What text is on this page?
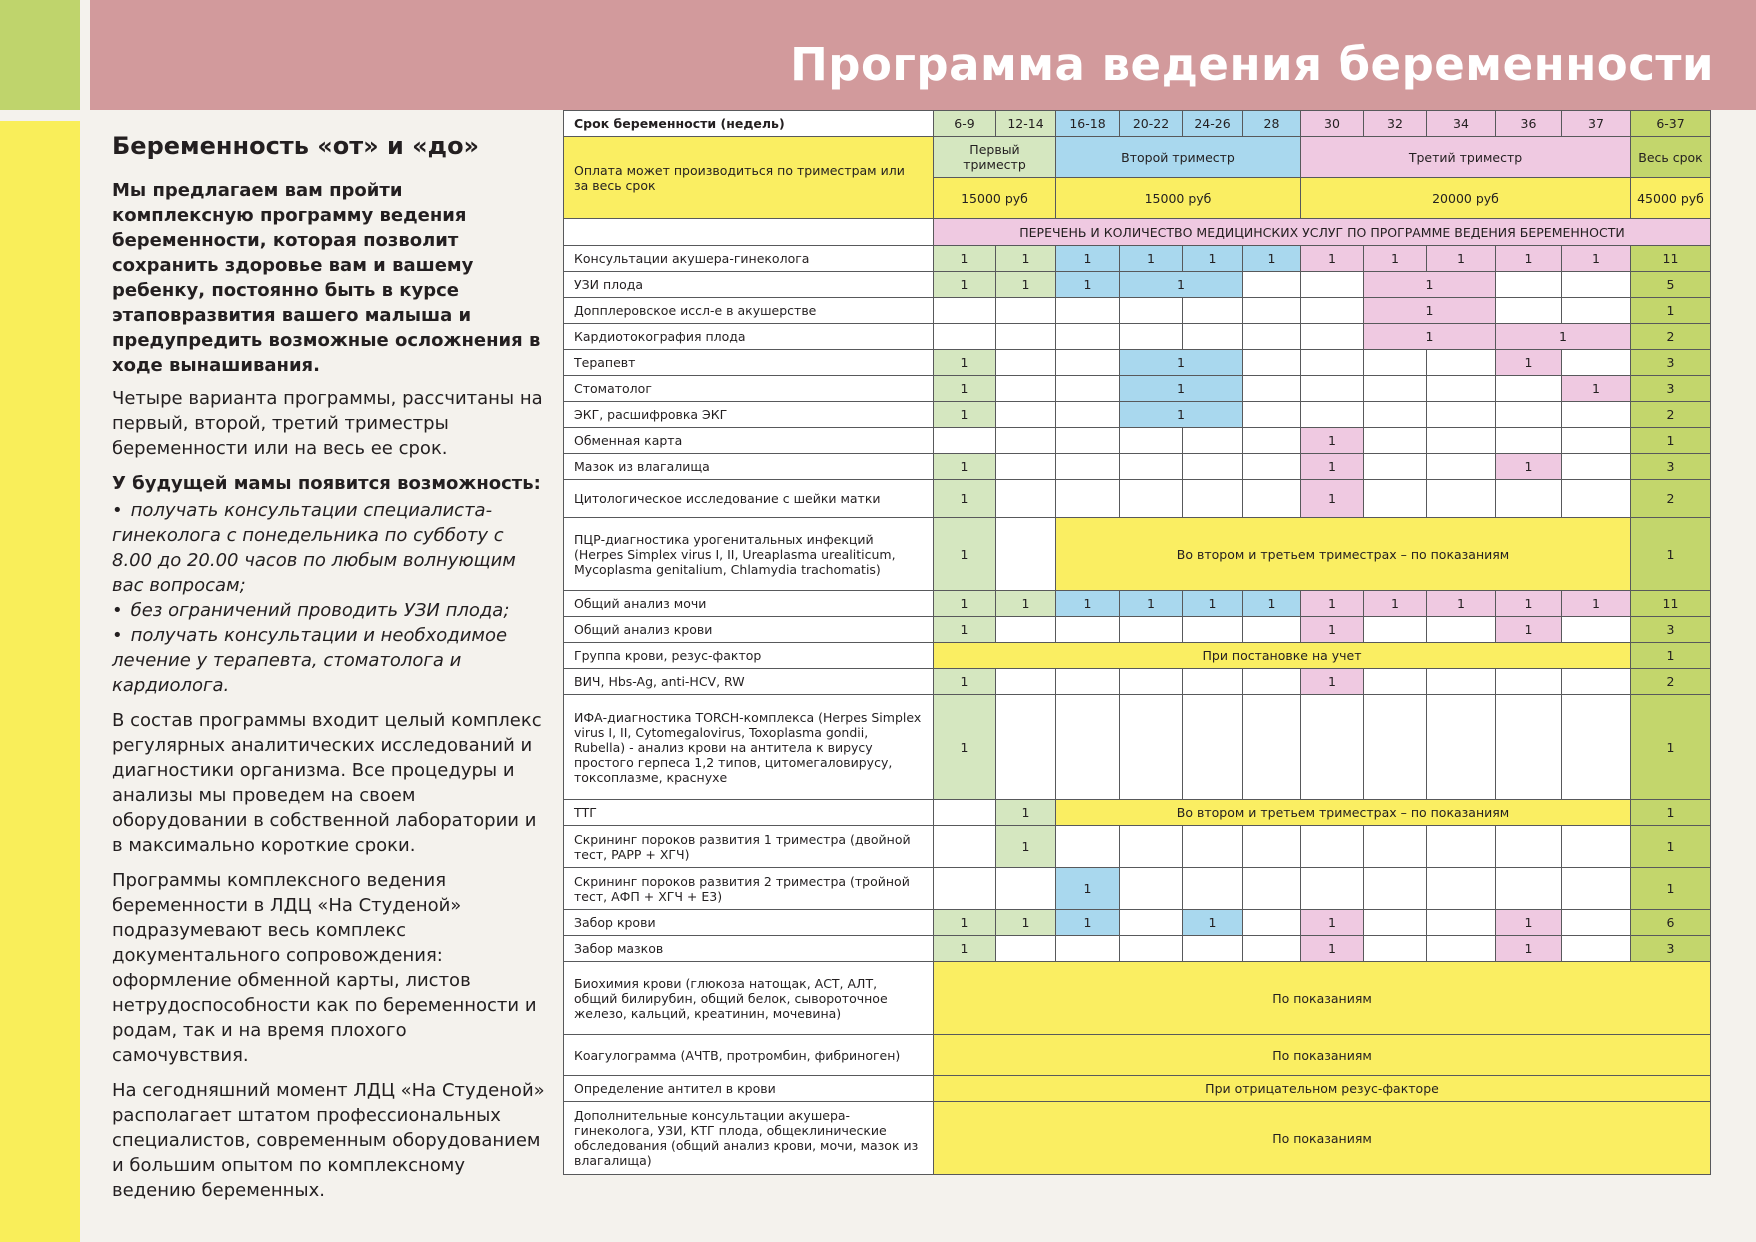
Программа ведения беременности
Беременность «от» и «до»

Мы предлагаем вам пройти комплексную программу ведения беременности, которая позволит сохранить здоровье вам и вашему ребенку, постоянно быть в курсе этаповразвития вашего малыша и предупредить возможные осложнения в ходе вынашивания.

Четыре варианта программы, рассчитаны на первый, второй, третий триместры беременности или на весь ее срок.

У будущей мамы появится возможность:

• получать консультации специалиста-гинеколога с понедельника по субботу с 8.00 до 20.00 часов по любым волнующим вас вопросам;
• без ограничений проводить УЗИ плода;
• получать консультации и необходимое лечение у терапевта, стоматолога и кардиолога.

В состав программы входит целый комплекс регулярных аналитических исследований и диагностики организма. Все процедуры и анализы мы проведем на своем оборудовании в собственной лаборатории и в максимально короткие сроки.

Программы комплексного ведения беременности в ЛДЦ «На Студеной» подразумевают весь комплекс документального сопровождения: оформление обменной карты, листов нетрудоспособности как по беременности и родам, так и на время плохого самочувствия.

На сегодняшний момент ЛДЦ «На Студеной» располагает штатом профессиональных специалистов, современным оборудованием и большим опытом по комплексному ведению беременных.

Срок беременности (недель)	6-9	12-14	16-18	20-22	24-26	28	30	32	34	36	37	6-37
Оплата может производиться по триместрам или за весь срок	Первый триместр		Второй триместр				Третий триместр					Весь срок
	15000 руб		15000 руб				20000 руб					45000 руб
	ПЕРЕЧЕНЬ И КОЛИЧЕСТВО МЕДИЦИНСКИХ УСЛУГ ПО ПРОГРАММЕ ВЕДЕНИЯ БЕРЕМЕННОСТИ											
Консультации акушера-гинеколога	1	1	1	1	1	1	1	1	1	1	1	11
УЗИ плода	1	1	1	1				1				5
Допплеровское иссл-е в акушерстве								1				1
Кардиотокография плода								1		1		2
Терапевт	1			1						1		3
Стоматолог	1			1							1	3
ЭКГ, расшифровка ЭКГ	1			1								2
Обменная карта							1					1
Мазок из влагалища	1						1			1		3
Цитологическое исследование с шейки матки	1						1					2
ПЦР-диагностика урогенитальных инфекций (Herpes Simplex virus I, II, Ureaplasma urealiticum, Mycoplasma genitalium, Chlamydia trachomatis)	1		Во втором и третьем триместрах – по показаниям									1
Общий анализ мочи	1	1	1	1	1	1	1	1	1	1	1	11
Общий анализ крови	1						1			1		3
Группа крови, резус-фактор	При постановке на учет											1
ВИЧ, Hbs-Ag, anti-HCV, RW	1						1					2
ИФА-диагностика TORCH-комплекса (Herpes Simplex virus I, II, Cytomegalovirus, Toxoplasma gondii, Rubella) - анализ крови на антитела к вирусу простого герпеса 1,2 типов, цитомегаловирусу, токсоплазме, краснухе	1											1
ТТГ		1	Во втором и третьем триместрах – по показаниям									1
Скрининг пороков развития 1 триместра (двойной тест, PAPP + ХГЧ)		1										1
Скрининг пороков развития 2 триместра (тройной тест, АФП + ХГЧ + Е3)			1									1
Забор крови	1	1	1		1		1			1		6
Забор мазков	1						1			1		3
Биохимия крови (глюкоза натощак, АСТ, АЛТ, общий билирубин, общий белок, сывороточное железо, кальций, креатинин, мочевина)	По показаниям											
Коагулограмма (АЧТВ, протромбин, фибриноген)	По показаниям											
Определение антител в крови	При отрицательном резус-факторе											
Дополнительные консультации акушера-гинеколога, УЗИ, КТГ плода, общеклинические обследования (общий анализ крови, мочи, мазок из влагалища)	По показаниям											
